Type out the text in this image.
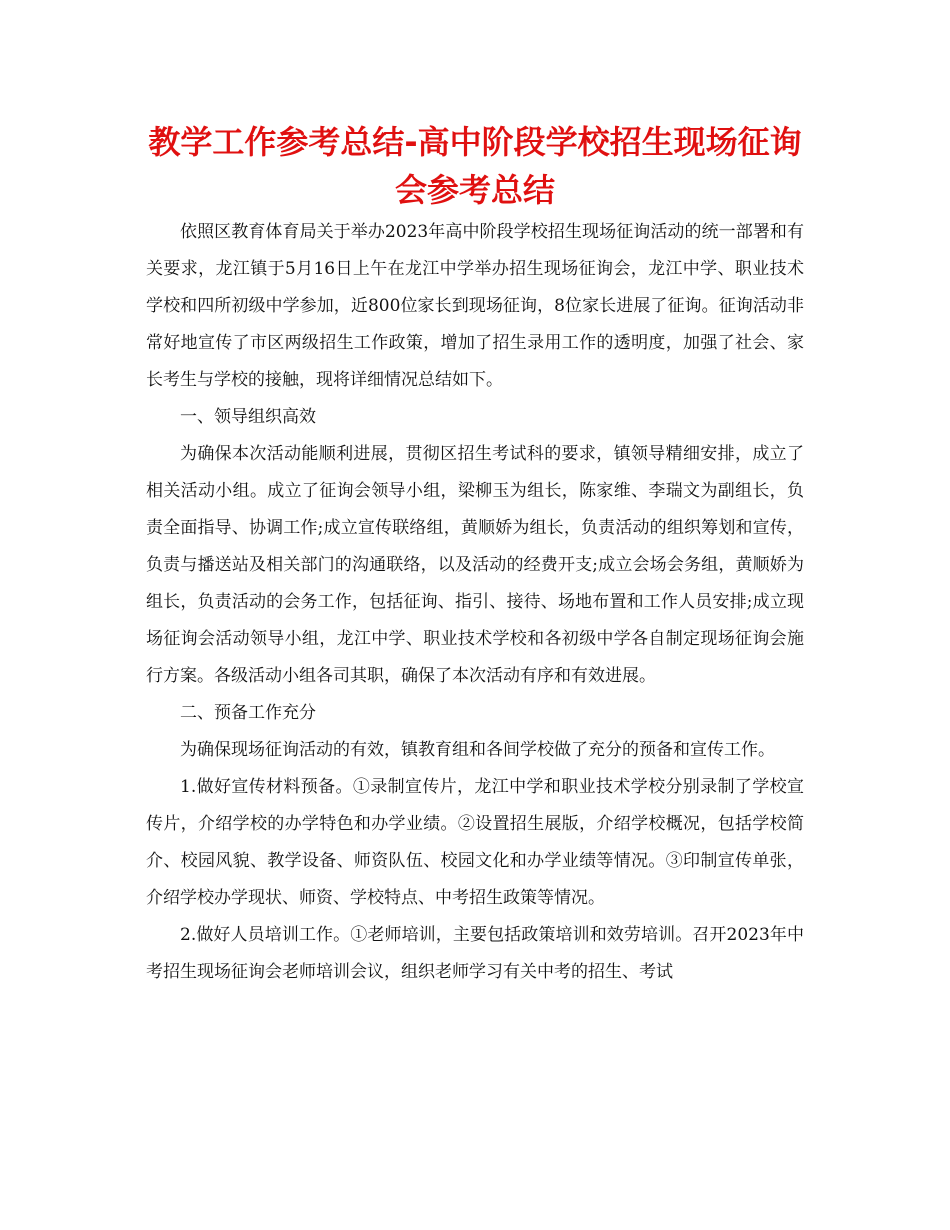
教学工作参考总结-高中阶段学校招生现场征询会参考总结

依照区教育体育局关于举办2023年高中阶段学校招生现场征询活动的统一部署和有关要求，龙江镇于5月16日上午在龙江中学举办招生现场征询会，龙江中学、职业技术学校和四所初级中学参加，近800位家长到现场征询，8位家长进展了征询。征询活动非常好地宣传了市区两级招生工作政策，增加了招生录用工作的透明度，加强了社会、家长考生与学校的接触，现将详细情况总结如下。

一、领导组织高效

为确保本次活动能顺利进展，贯彻区招生考试科的要求，镇领导精细安排，成立了相关活动小组。成立了征询会领导小组，梁柳玉为组长，陈家维、李瑞文为副组长，负责全面指导、协调工作;成立宣传联络组，黄顺娇为组长，负责活动的组织筹划和宣传，负责与播送站及相关部门的沟通联络，以及活动的经费开支;成立会场会务组，黄顺娇为组长，负责活动的会务工作，包括征询、指引、接待、场地布置和工作人员安排;成立现场征询会活动领导小组，龙江中学、职业技术学校和各初级中学各自制定现场征询会施行方案。各级活动小组各司其职，确保了本次活动有序和有效进展。

二、预备工作充分

为确保现场征询活动的有效，镇教育组和各间学校做了充分的预备和宣传工作。

1.做好宣传材料预备。①录制宣传片，龙江中学和职业技术学校分别录制了学校宣传片，介绍学校的办学特色和办学业绩。②设置招生展版，介绍学校概况，包括学校简介、校园风貌、教学设备、师资队伍、校园文化和办学业绩等情况。③印制宣传单张，介绍学校办学现状、师资、学校特点、中考招生政策等情况。

2.做好人员培训工作。①老师培训，主要包括政策培训和效劳培训。召开2023年中考招生现场征询会老师培训会议，组织老师学习有关中考的招生、考试
